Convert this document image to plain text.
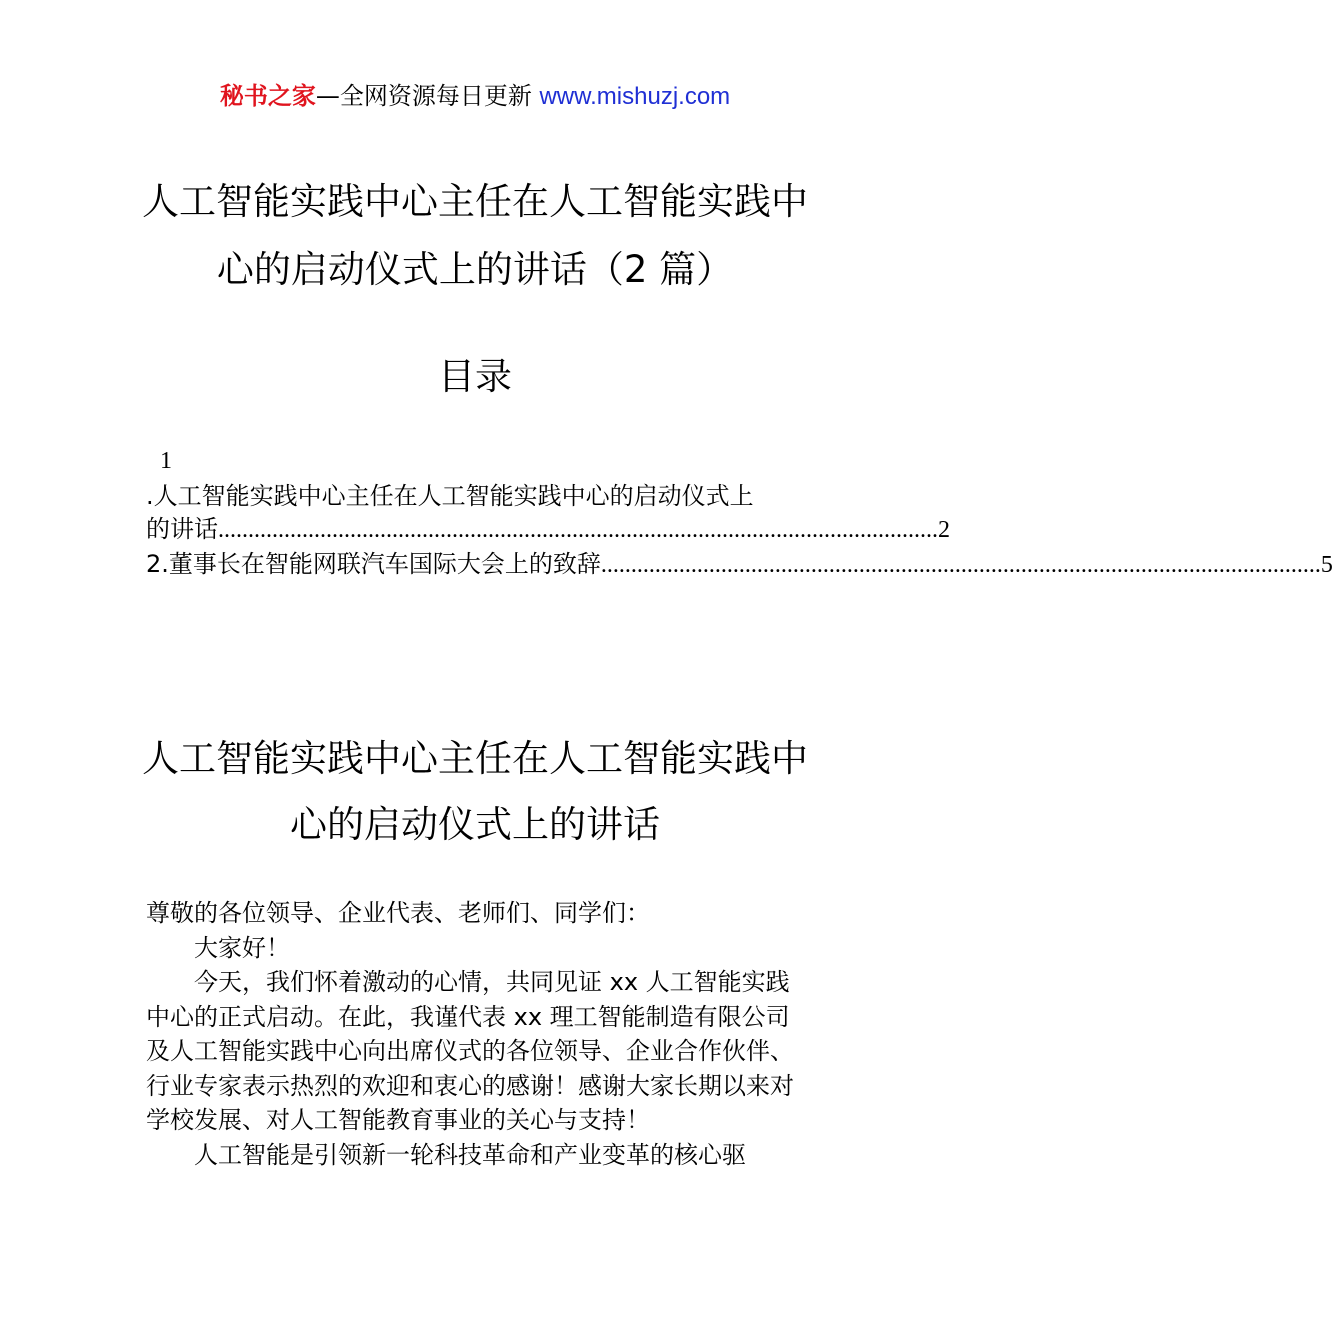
秘书之家—全网资源每日更新 www.mishuzj.com
人工智能实践中心主任在人工智能实践中
心的启动仪式上的讲话（2 篇）
目录
1
.人工智能实践中心主任在人工智能实践中心的启动仪式上
的讲话 ........................................................................................................................ 2
2.董事长在智能网联汽车国际大会上的致辞 ........................................................................................................................ 5
人工智能实践中心主任在人工智能实践中
心的启动仪式上的讲话

尊敬的各位领导、企业代表、老师们、同学们：

大家好！

今天，我们怀着激动的心情，共同见证 xx 人工智能实践中心的正式启动。在此，我谨代表 xx 理工智能制造有限公司及人工智能实践中心向出席仪式的各位领导、企业合作伙伴、行业专家表示热烈的欢迎和衷心的感谢！感谢大家长期以来对学校发展、对人工智能教育事业的关心与支持！

人工智能是引领新一轮科技革命和产业变革的核心驱
